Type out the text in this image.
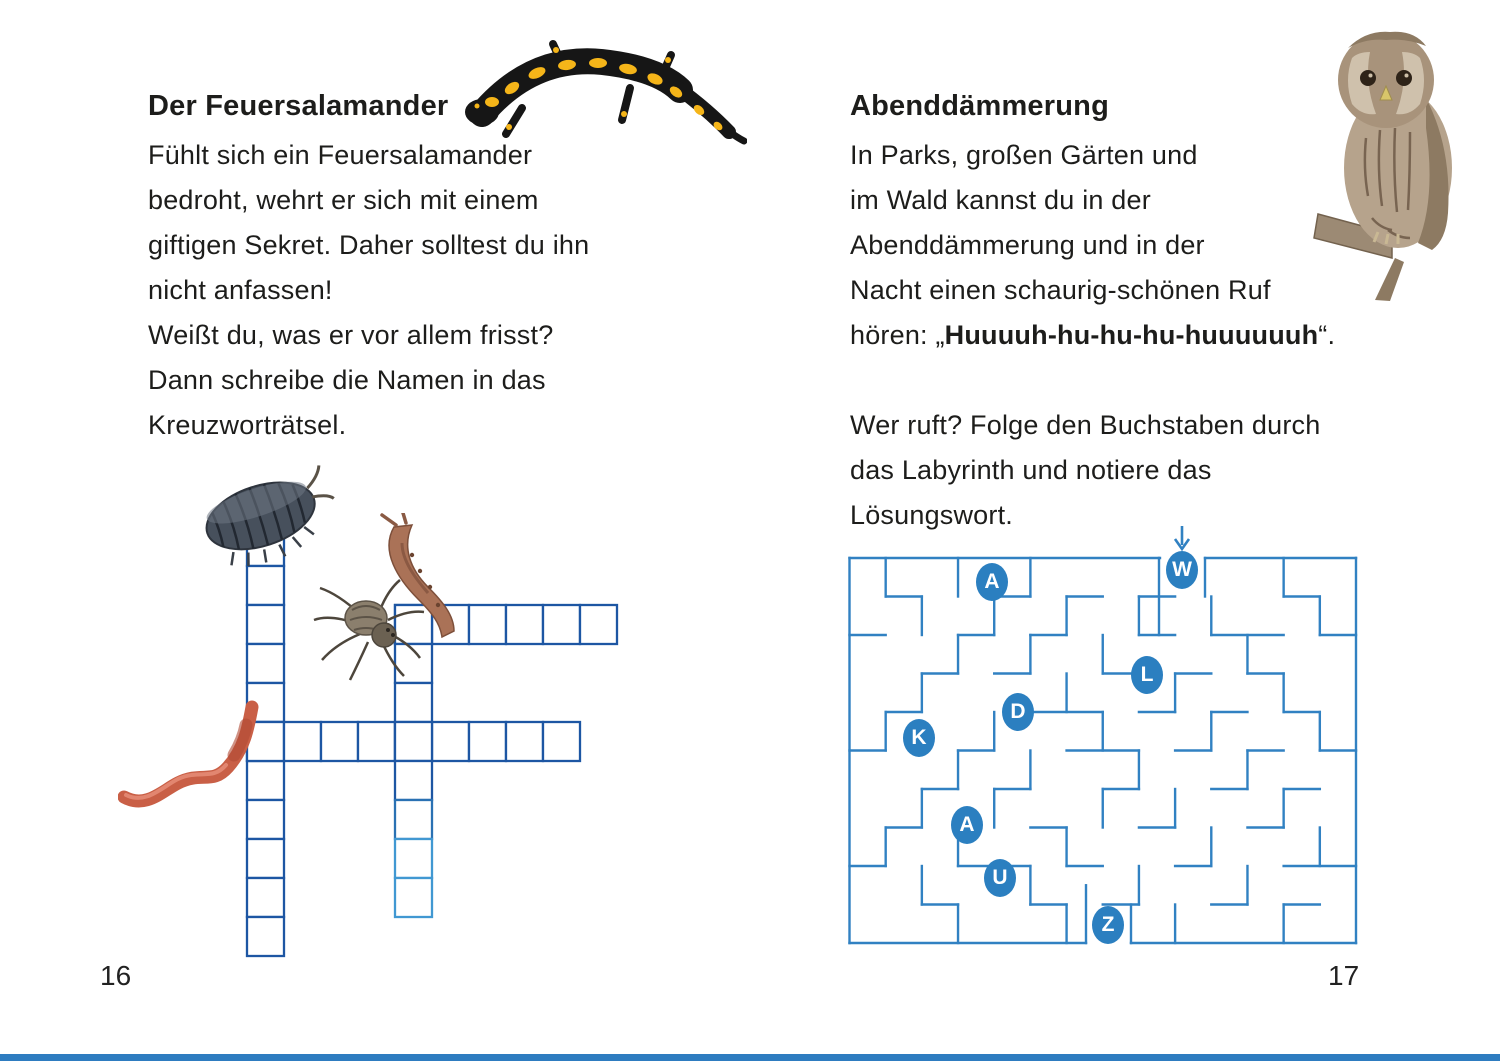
Der Feuersalamander
Fühlt sich ein Feuersalamander
bedroht, wehrt er sich mit einem
giftigen Sekret. Daher solltest du ihn
nicht anfassen!
Weißt du, was er vor allem frisst?
Dann schreibe die Namen in das
Kreuzworträtsel.
16
Abenddämmerung
In Parks, großen Gärten und
im Wald kannst du in der
Abenddämmerung und in der
Nacht einen schaurig-schönen Ruf
hören: „Huuuuh-hu-hu-hu-huuuuuuh“.
Wer ruft? Folge den Buchstaben durch
das Labyrinth und notiere das
Lösungswort.
W
A
L
D
K
A
U
Z
17
